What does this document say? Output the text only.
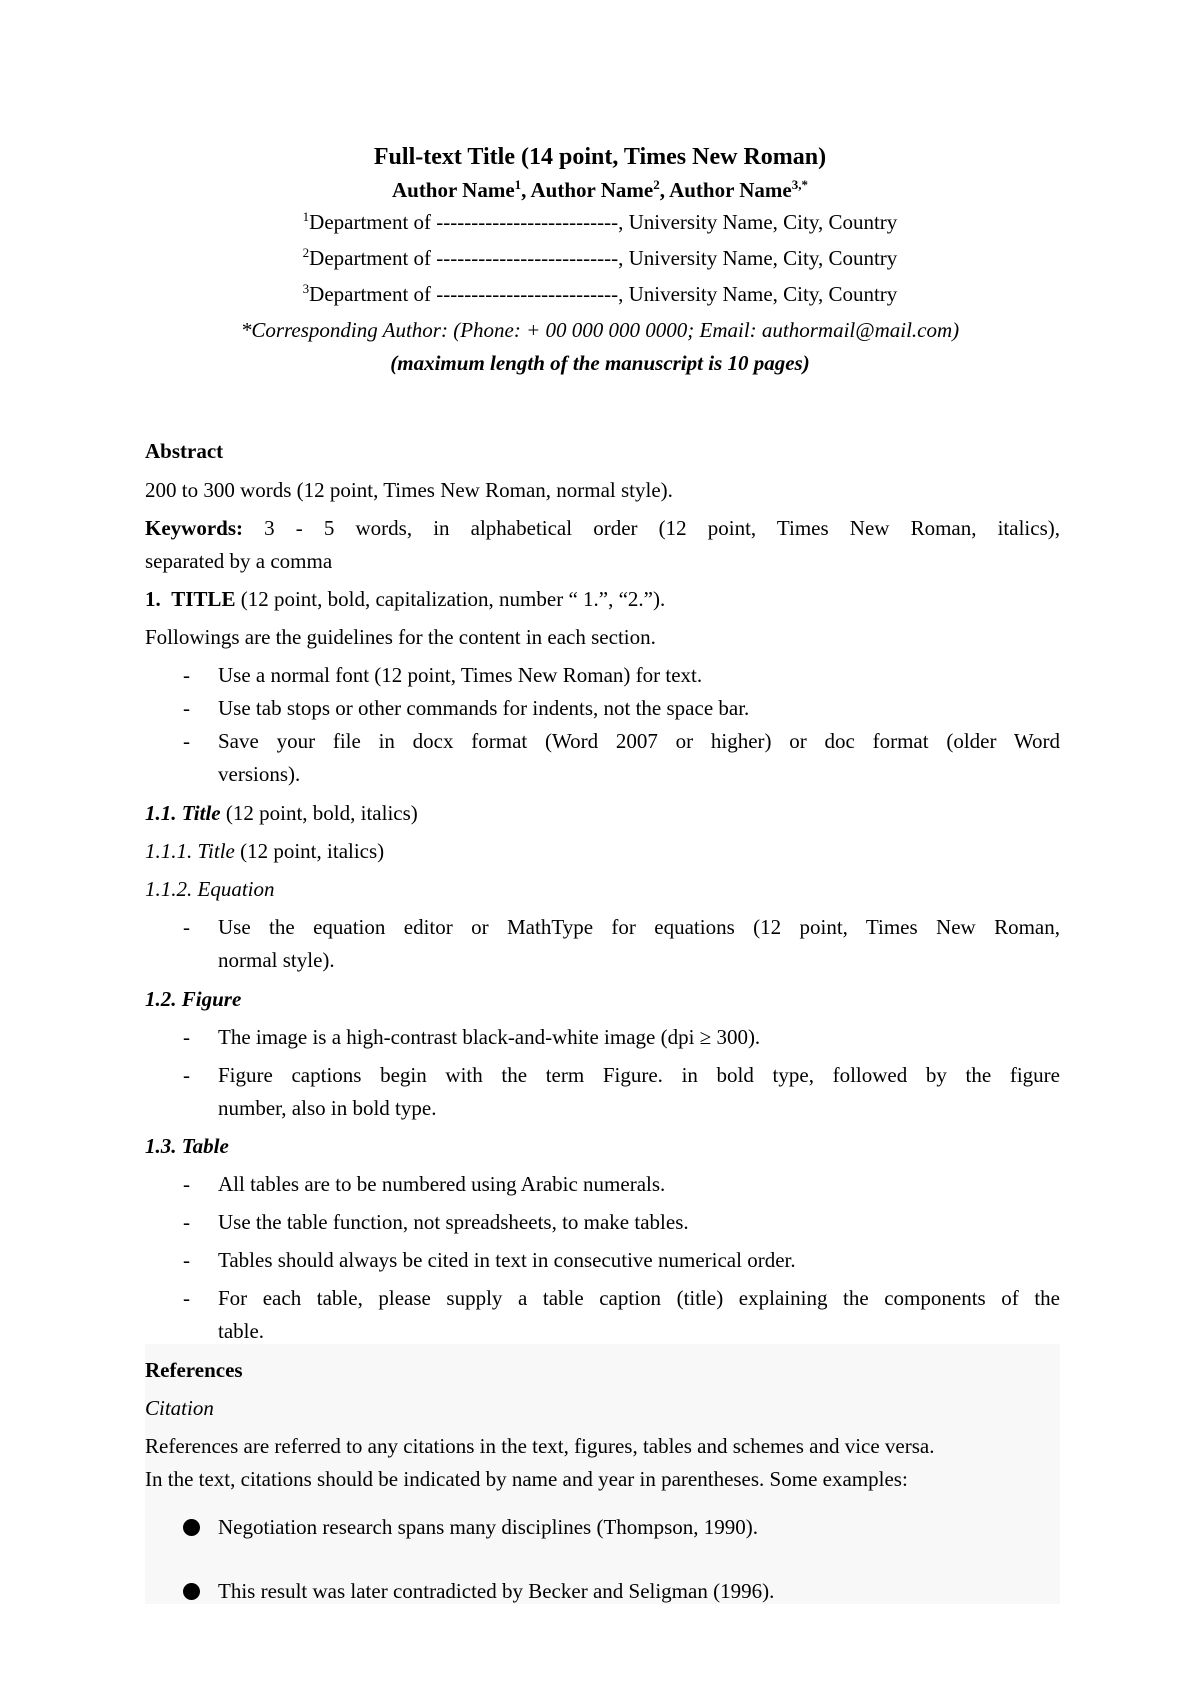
Full-text Title (14 point, Times New Roman)

Author Name$^1$, Author Name$^2$, Author Name$^{3,*}$

$^1$Department of --------------------------, University Name, City, Country

$^2$Department of --------------------------, University Name, City, Country

$^3$Department of --------------------------, University Name, City, Country

*Corresponding Author: (Phone: + 00 000 000 0000; Email: authormail@mail.com)

(maximum length of the manuscript is 10 pages)

Abstract

200 to 300 words (12 point, Times New Roman, normal style).

Keywords: 3 - 5 words, in alphabetical order (12 point, Times New Roman, italics),

separated by a comma

1. TITLE (12 point, bold, capitalization, number “ 1.”, “2.”).

Followings are the guidelines for the content in each section.

- Use a normal font (12 point, Times New Roman) for text.

- Use tab stops or other commands for indents, not the space bar.

- Save your file in docx format (Word 2007 or higher) or doc format (older Word

versions).

1.1. Title (12 point, bold, italics)

1.1.1. Title (12 point, italics)

1.1.2. Equation

- Use the equation editor or MathType for equations (12 point, Times New Roman,

normal style).

1.2. Figure

- The image is a high-contrast black-and-white image (dpi ≥ 300).

- Figure captions begin with the term Figure. in bold type, followed by the figure

number, also in bold type.

1.3. Table

- All tables are to be numbered using Arabic numerals.

- Use the table function, not spreadsheets, to make tables.

- Tables should always be cited in text in consecutive numerical order.

- For each table, please supply a table caption (title) explaining the components of the

table.

References

Citation

References are referred to any citations in the text, figures, tables and schemes and vice versa.

In the text, citations should be indicated by name and year in parentheses. Some examples:

Negotiation research spans many disciplines (Thompson, 1990).

This result was later contradicted by Becker and Seligman (1996).
